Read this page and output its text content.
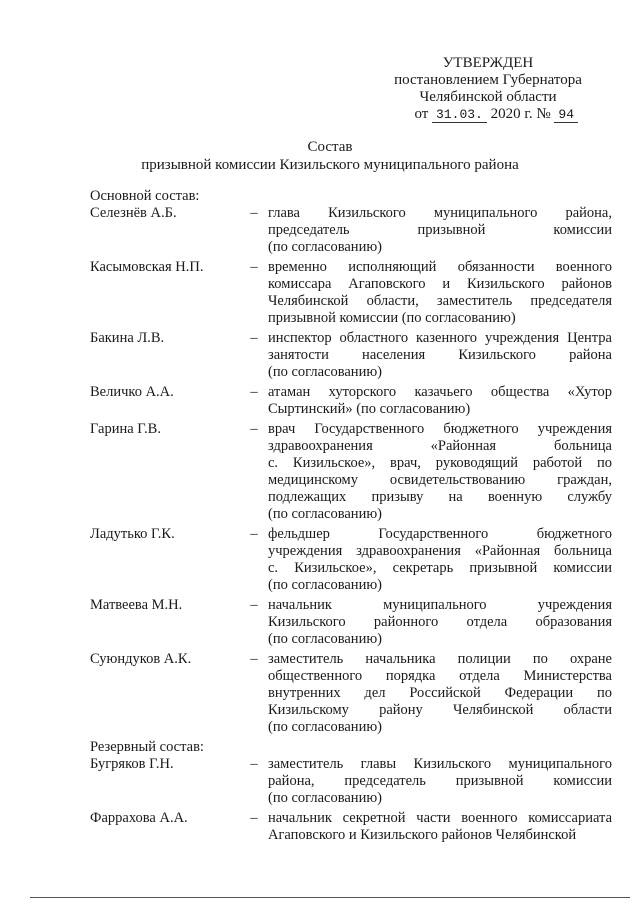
УТВЕРЖДЕН
постановлением Губернатора
Челябинской области
от 31.03. 2020 г. № 94
Состав
призывной комиссии Кизильского муниципального района
Основной состав:
Селезнёв А.Б.	– глава Кизильского муниципального района,
председатель призывной комиссии
(по согласованию)
Касымовская Н.П.	– временно исполняющий обязанности военного
комиссара Агаповского и Кизильского районов
Челябинской области, заместитель председателя
призывной комиссии (по согласованию)
Бакина Л.В.	– инспектор областного казенного учреждения Центра
занятости населения Кизильского района
(по согласованию)
Величко А.А.	– атаман хуторского казачьего общества «Хутор
Сыртинский» (по согласованию)
Гарина Г.В.	– врач Государственного бюджетного учреждения
здравоохранения «Районная больница
с. Кизильское», врач, руководящий работой по
медицинскому освидетельствованию граждан,
подлежащих призыву на военную службу
(по согласованию)
Ладутько Г.К.	– фельдшер Государственного бюджетного
учреждения здравоохранения «Районная больница
с. Кизильское», секретарь призывной комиссии
(по согласованию)
Матвеева М.Н.	– начальник муниципального учреждения
Кизильского районного отдела образования
(по согласованию)
Суюндуков А.К.	– заместитель начальника полиции по охране
общественного порядка отдела Министерства
внутренних дел Российской Федерации по
Кизильскому району Челябинской области
(по согласованию)
Резервный состав:
Бугряков Г.Н.	– заместитель главы Кизильского муниципального
района, председатель призывной комиссии
(по согласованию)
Фаррахова А.А.	– начальник секретной части военного комиссариата
Агаповского и Кизильского районов Челябинской
